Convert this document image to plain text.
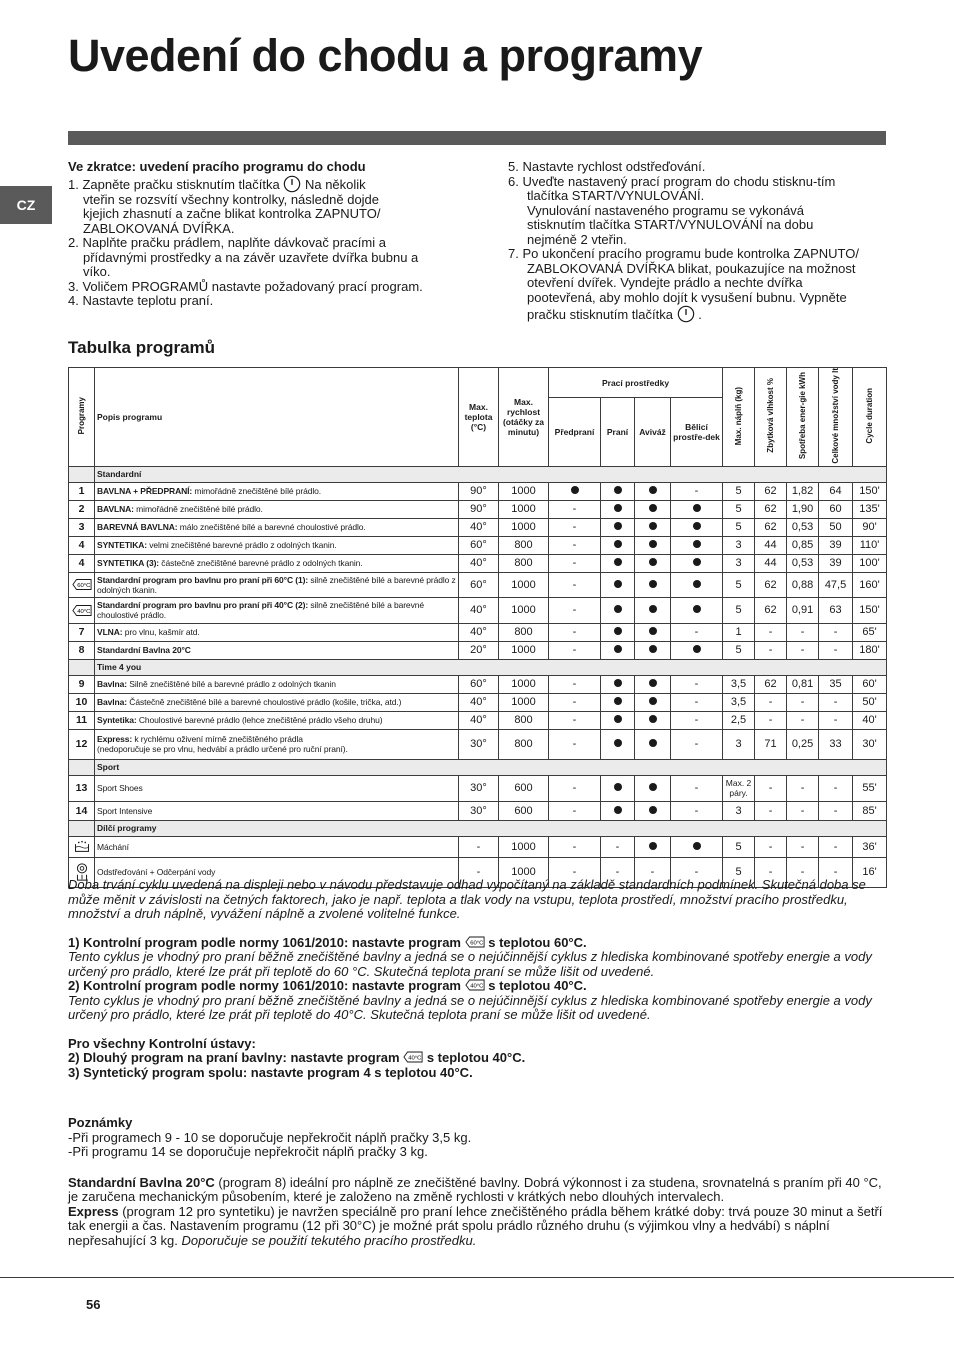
Uvedení do chodu a programy
CZ

Ve zkratce: uvedení pracího programu do chodu

1. Zapněte pračku stisknutím tlačítka Na několik

vteřin se rozsvítí všechny kontrolky, následně dojde

kjejich zhasnutí a začne blikat kontrolka ZAPNUTO/

ZABLOKOVANÁ DVÍŘKA.

2. Naplňte pračku prádlem, naplňte dávkovač pracími a

přídavnými prostředky a na závěr uzavřete dvířka bubnu a

víko.

3. Voličem PROGRAMŮ nastavte požadovaný prací program.

4. Nastavte teplotu praní.

5. Nastavte rychlost odstřeďování.

6. Uveďte nastavený prací program do chodu stisknu-tím

tlačítka START/VYNULOVÁNÍ.

Vynulování nastaveného programu se vykonává

stisknutím tlačítka START/VYNULOVÁNÍ na dobu

nejméně 2 vteřin.

7. Po ukončení pracího programu bude kontrolka ZAPNUTO/

ZABLOKOVANÁ DVÍŘKA blikat, poukazujíce na možnost

otevření dvířek. Vyndejte prádlo a nechte dvířka

pootevřená, aby mohlo dojít k vysušení bubnu. Vypněte

pračku stisknutím tlačítka .

Tabulka programů
Programy	Popis programu	Max. teplota (°C)	Max. rychlost (otáčky za minutu)	Prací prostředky				Max. náplň (kg)	Zbytková vlhkost %	Spotřeba ener-gie kWh	Celkové množství vody lt	Cycle duration
				Předpraní	Praní	Aviváž	Bělicí prostře-dek					
	Standardní											
1	BAVLNA + PŘEDPRANÍ: mimořádně znečištěné bílé prádlo.	90°	1000				-	5	62	1,82	64	150'
2	BAVLNA: mimořádně znečištěné bílé prádlo.	90°	1000	-				5	62	1,90	60	135'
3	BAREVNÁ BAVLNA: málo znečištěné bílé a barevné choulostivé prádlo.	40°	1000	-				5	62	0,53	50	90'
4	SYNTETIKA: velmi znečištěné barevné prádlo z odolných tkanin.	60°	800	-				3	44	0,85	39	110'
4	SYNTETIKA (3): částečně znečištěné barevné prádlo z odolných tkanin.	40°	800	-				3	44	0,53	39	100'

60°C	Standardní program pro bavlnu pro praní při 60°C (1): silně znečištěné bílé a barevné prádlo z odolných tkanin.	60°	1000	-				5	62	0,88	47,5	160'

40°C	Standardní program pro bavlnu pro praní při 40°C (2): silně znečištěné bílé a barevné choulostivé prádlo.	40°	1000	-				5	62	0,91	63	150'
7	VLNA: pro vlnu, kašmír atd.	40°	800	-			-	1	-	-	-	65'
8	Standardní Bavlna 20°C	20°	1000	-				5	-	-	-	180'
	Time 4 you											
9	Bavlna: Silně znečištěné bílé a barevné prádlo z odolných tkanin	60°	1000	-			-	3,5	62	0,81	35	60'
10	Bavlna: Částečně znečištěné bílé a barevné choulostivé prádlo (košile, trička, atd.)	40°	1000	-			-	3,5	-	-	-	50'
11	Syntetika: Choulostivé barevné prádlo (lehce znečištěné prádlo všeho druhu)	40°	800	-			-	2,5	-	-	-	40'
12	Express: k rychlému oživení mírně znečištěného prádla
(nedoporučuje se pro vlnu, hedvábí a prádlo určené pro ruční praní).	30°	800	-			-	3	71	0,25	33	30'
	Sport											
13	Sport Shoes	30°	600	-			-	Max. 2 páry.	-	-	-	55'
14	Sport Intensive	30°	600	-			-	3	-	-	-	85'
	Dílčí programy											
	Máchání	-	1000	-	-			5	-	-	-	36'
	Odstřeďování + Odčerpání vody	-	1000	-	-	-	-	5	-	-	-	16'

Doba trvání cyklu uvedená na displeji nebo v návodu představuje odhad vypočítaný na základě standardních podmínek. Skutečná doba se může měnit v závislosti na četných faktorech, jako je např. teplota a tlak vody na vstupu, teplota prostředí, množství pracího prostředku, množství a druh náplně, vyvážení náplně a zvolené volitelné funkce.

1) Kontrolní program podle normy 1061/2010: nastavte program 60°C s teplotou 60°C.

Tento cyklus je vhodný pro praní běžně znečištěné bavlny a jedná se o nejúčinnější cyklus z hlediska kombinované spotřeby energie a vody určený pro prádlo, které lze prát při teplotě do 60 °C. Skutečná teplota praní se může lišit od uvedené.

2) Kontrolní program podle normy 1061/2010: nastavte program 40°C s teplotou 40°C.

Tento cyklus je vhodný pro praní běžně znečištěné bavlny a jedná se o nejúčinnější cyklus z hlediska kombinované spotřeby energie a vody určený pro prádlo, které lze prát při teplotě do 40°C. Skutečná teplota praní se může lišit od uvedené.

Pro všechny Kontrolní ústavy:

2) Dlouhý program na praní bavlny: nastavte program 40°C s teplotou 40°C.

3) Syntetický program spolu: nastavte program 4 s teplotou 40°C.

Poznámky

-Při programech 9 - 10 se doporučuje nepřekročit náplň pračky 3,5 kg.

-Při programu 14 se doporučuje nepřekročit náplň pračky 3 kg.

Standardní Bavlna 20°C (program 8) ideální pro náplně ze znečištěné bavlny. Dobrá výkonnost i za studena, srovnatelná s praním při 40 °C, je zaručena mechanickým působením, které je založeno na změně rychlosti v krátkých nebo dlouhých intervalech.

Express (program 12 pro syntetiku) je navržen speciálně pro praní lehce znečištěného prádla během krátké doby: trvá pouze 30 minut a šetří tak energii a čas. Nastavením programu (12 při 30°C) je možné prát spolu prádlo různého druhu (s výjimkou vlny a hedvábí) s náplní nepřesahující 3 kg. Doporučuje se použití tekutého pracího prostředku.

56
